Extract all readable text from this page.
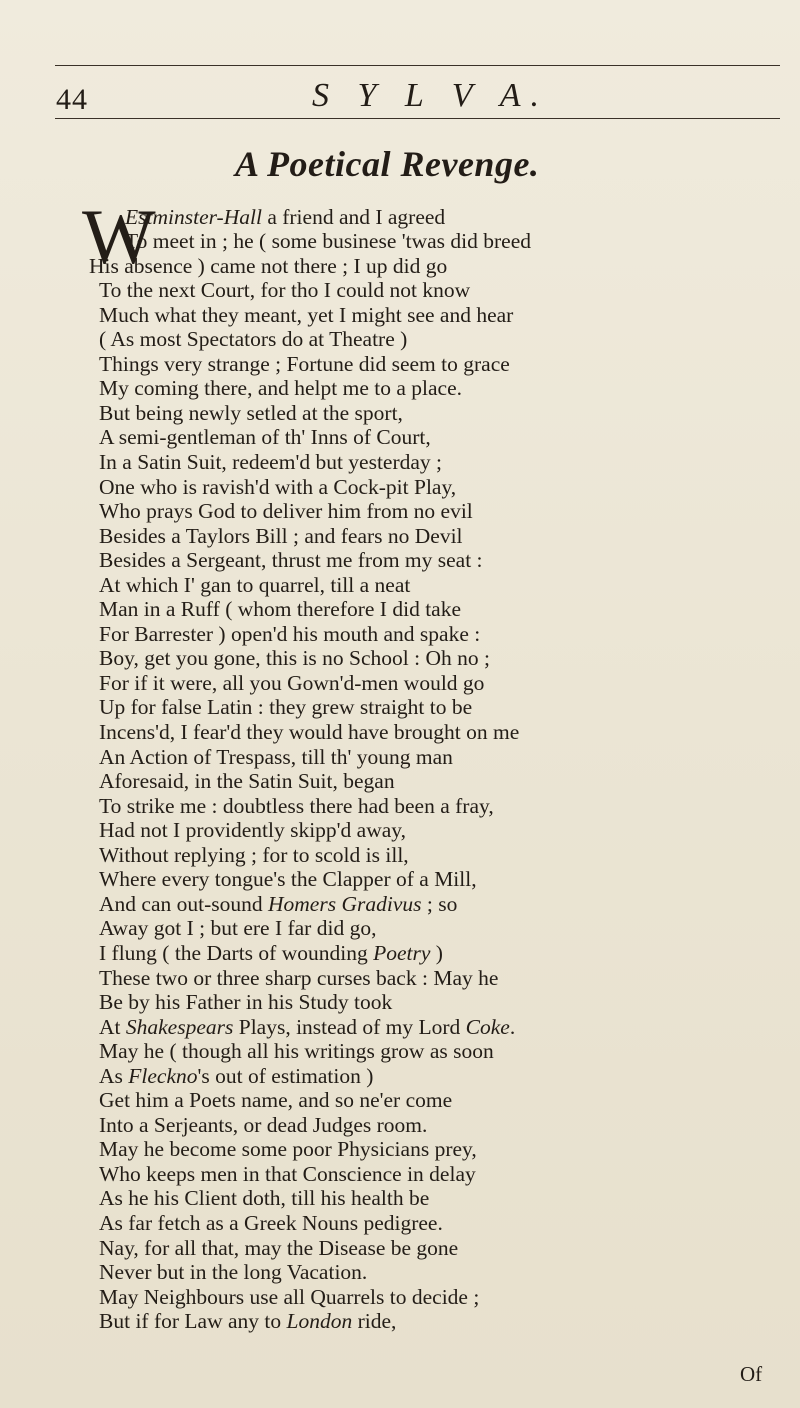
44	S Y L V A.
A Poetical Revenge.
W
Estminster-Hall a friend and I agreed
To meet in ; he ( some businese 'twas did breed
His absence ) came not there ; I up did go
To the next Court, for tho I could not know
Much what they meant, yet I might see and hear
( As most Spectators do at Theatre )
Things very strange ; Fortune did seem to grace
My coming there, and helpt me to a place.
But being newly setled at the sport,
A semi-gentleman of th' Inns of Court,
In a Satin Suit, redeem'd but yesterday ;
One who is ravish'd with a Cock-pit Play,
Who prays God to deliver him from no evil
Besides a Taylors Bill ; and fears no Devil
Besides a Sergeant, thrust me from my seat :
At which I' gan to quarrel, till a neat
Man in a Ruff ( whom therefore I did take
For Barrester ) open'd his mouth and spake :
Boy, get you gone, this is no School : Oh no ;
For if it were, all you Gown'd-men would go
Up for false Latin : they grew straight to be
Incens'd, I fear'd they would have brought on me
An Action of Trespass, till th' young man
Aforesaid, in the Satin Suit, began
To strike me : doubtless there had been a fray,
Had not I providently skipp'd away,
Without replying ; for to scold is ill,
Where every tongue's the Clapper of a Mill,
And can out-sound Homers Gradivus ; so
Away got I ; but ere I far did go,
I flung ( the Darts of wounding Poetry )
These two or three sharp curses back : May he
Be by his Father in his Study took
At Shakespears Plays, instead of my Lord Coke.
May he ( though all his writings grow as soon
As Fleckno's out of estimation )
Get him a Poets name, and so ne'er come
Into a Serjeants, or dead Judges room.
May he become some poor Physicians prey,
Who keeps men in that Conscience in delay
As he his Client doth, till his health be
As far fetch as a Greek Nouns pedigree.
Nay, for all that, may the Disease be gone
Never but in the long Vacation.
May Neighbours use all Quarrels to decide ;
But if for Law any to London ride,
Of
